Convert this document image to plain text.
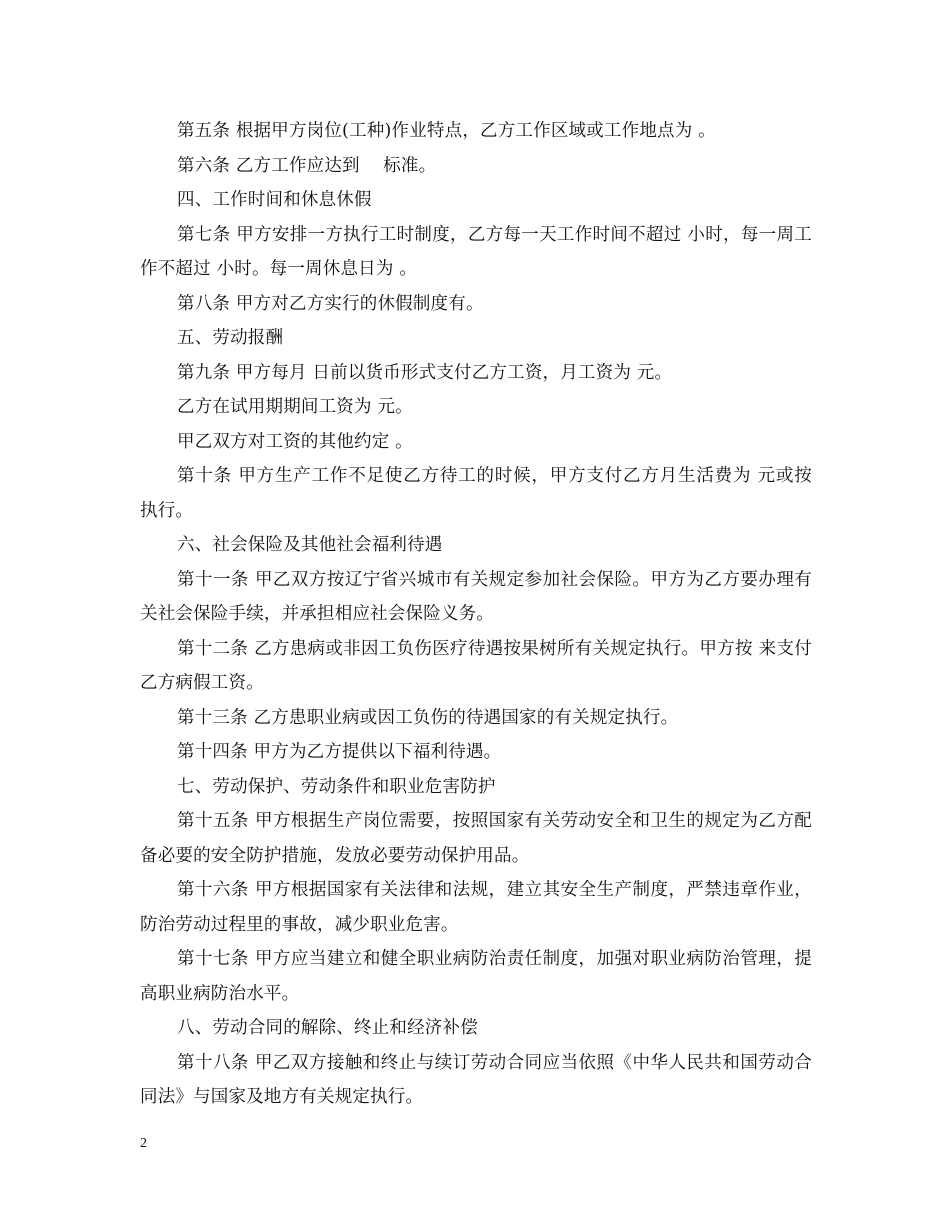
第五条 根据甲方岗位(工种)作业特点，乙方工作区域或工作地点为 。

第六条 乙方工作应达到　 标准。

四、工作时间和休息休假

第七条 甲方安排一方执行工时制度，乙方每一天工作时间不超过 小时，每一周工作不超过 小时。每一周休息日为 。

第八条 甲方对乙方实行的休假制度有。

五、劳动报酬

第九条 甲方每月 日前以货币形式支付乙方工资，月工资为 元。

乙方在试用期期间工资为 元。

甲乙双方对工资的其他约定 。

第十条 甲方生产工作不足使乙方待工的时候，甲方支付乙方月生活费为 元或按 执行。

六、社会保险及其他社会福利待遇

第十一条 甲乙双方按辽宁省兴城市有关规定参加社会保险。甲方为乙方要办理有关社会保险手续，并承担相应社会保险义务。

第十二条 乙方患病或非因工负伤医疗待遇按果树所有关规定执行。甲方按 来支付乙方病假工资。

第十三条 乙方患职业病或因工负伤的待遇国家的有关规定执行。

第十四条 甲方为乙方提供以下福利待遇。

七、劳动保护、劳动条件和职业危害防护

第十五条 甲方根据生产岗位需要，按照国家有关劳动安全和卫生的规定为乙方配备必要的安全防护措施，发放必要劳动保护用品。

第十六条 甲方根据国家有关法律和法规，建立其安全生产制度，严禁违章作业，防治劳动过程里的事故，减少职业危害。

第十七条 甲方应当建立和健全职业病防治责任制度，加强对职业病防治管理，提高职业病防治水平。

八、劳动合同的解除、终止和经济补偿

第十八条 甲乙双方接触和终止与续订劳动合同应当依照《中华人民共和国劳动合同法》与国家及地方有关规定执行。

2
